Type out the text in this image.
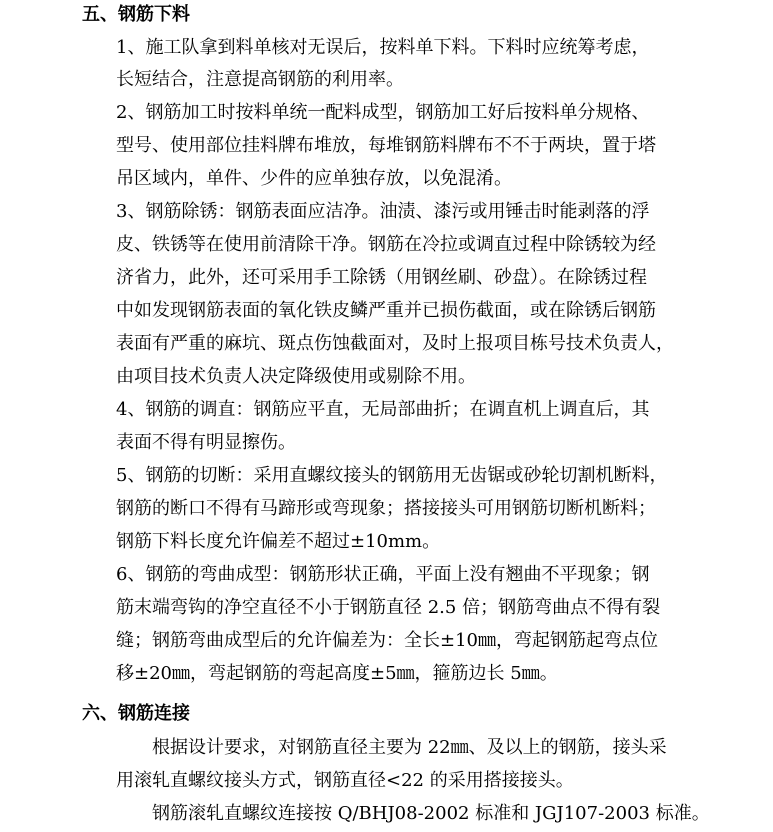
五、钢筋下料

1、施工队拿到料单核对无误后，按料单下料。下料时应统筹考虑，

长短结合，注意提高钢筋的利用率。

2、钢筋加工时按料单统一配料成型，钢筋加工好后按料单分规格、

型号、使用部位挂料牌布堆放，每堆钢筋料牌布不不于两块，置于塔

吊区域内，单件、少件的应单独存放，以免混淆。

3、钢筋除锈：钢筋表面应洁净。油渍、漆污或用锤击时能剥落的浮

皮、铁锈等在使用前清除干净。钢筋在冷拉或调直过程中除锈较为经

济省力，此外，还可采用手工除锈（用钢丝刷、砂盘）。在除锈过程

中如发现钢筋表面的氧化铁皮鳞严重并已损伤截面，或在除锈后钢筋

表面有严重的麻坑、斑点伤蚀截面对，及时上报项目栋号技术负责人，

由项目技术负责人决定降级使用或剔除不用。

4、钢筋的调直：钢筋应平直，无局部曲折；在调直机上调直后，其

表面不得有明显擦伤。

5、钢筋的切断：采用直螺纹接头的钢筋用无齿锯或砂轮切割机断料，

钢筋的断口不得有马蹄形或弯现象；搭接接头可用钢筋切断机断料；

钢筋下料长度允许偏差不超过±10mm。

6、钢筋的弯曲成型：钢筋形状正确，平面上没有翘曲不平现象；钢

筋末端弯钩的净空直径不小于钢筋直径 2.5 倍；钢筋弯曲点不得有裂

缝；钢筋弯曲成型后的允许偏差为：全长±10㎜，弯起钢筋起弯点位

移±20㎜，弯起钢筋的弯起高度±5㎜，箍筋边长 5㎜。

六、钢筋连接

根据设计要求，对钢筋直径主要为 22㎜、及以上的钢筋，接头采

用滚轧直螺纹接头方式，钢筋直径<22 的采用搭接接头。

钢筋滚轧直螺纹连接按 Q/BHJ08-2002 标准和 JGJ107-2003 标准。
